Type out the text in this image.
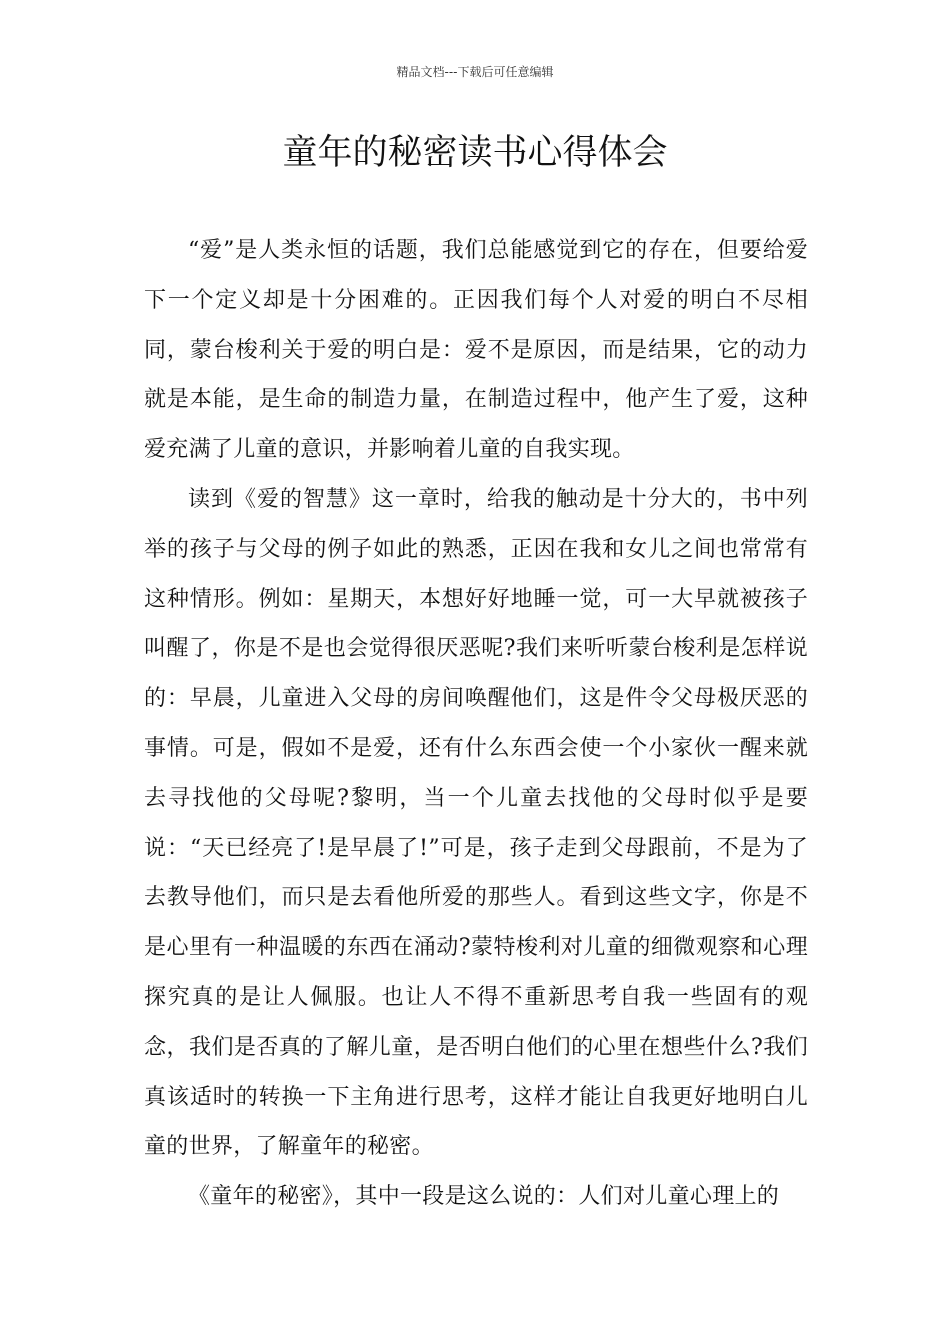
精品文档---下载后可任意编辑
童年的秘密读书心得体会

“爱”是人类永恒的话题，我们总能感觉到它的存在，但要给爱下一个定义却是十分困难的。正因我们每个人对爱的明白不尽相同，蒙台梭利关于爱的明白是：爱不是原因，而是结果，它的动力就是本能，是生命的制造力量，在制造过程中，他产生了爱，这种爱充满了儿童的意识，并影响着儿童的自我实现。

读到《爱的智慧》这一章时，给我的触动是十分大的，书中列举的孩子与父母的例子如此的熟悉，正因在我和女儿之间也常常有这种情形。例如：星期天，本想好好地睡一觉，可一大早就被孩子叫醒了，你是不是也会觉得很厌恶呢?我们来听听蒙台梭利是怎样说的：早晨，儿童进入父母的房间唤醒他们，这是件令父母极厌恶的事情。可是，假如不是爱，还有什么东西会使一个小家伙一醒来就去寻找他的父母呢?黎明，当一个儿童去找他的父母时似乎是要说：“天已经亮了!是早晨了!”可是，孩子走到父母跟前，不是为了去教导他们，而只是去看他所爱的那些人。看到这些文字，你是不是心里有一种温暖的东西在涌动?蒙特梭利对儿童的细微观察和心理探究真的是让人佩服。也让人不得不重新思考自我一些固有的观念，我们是否真的了解儿童，是否明白他们的心里在想些什么?我们真该适时的转换一下主角进行思考，这样才能让自我更好地明白儿童的世界，了解童年的秘密。

《童年的秘密》，其中一段是这么说的：人们对儿童心理上的
